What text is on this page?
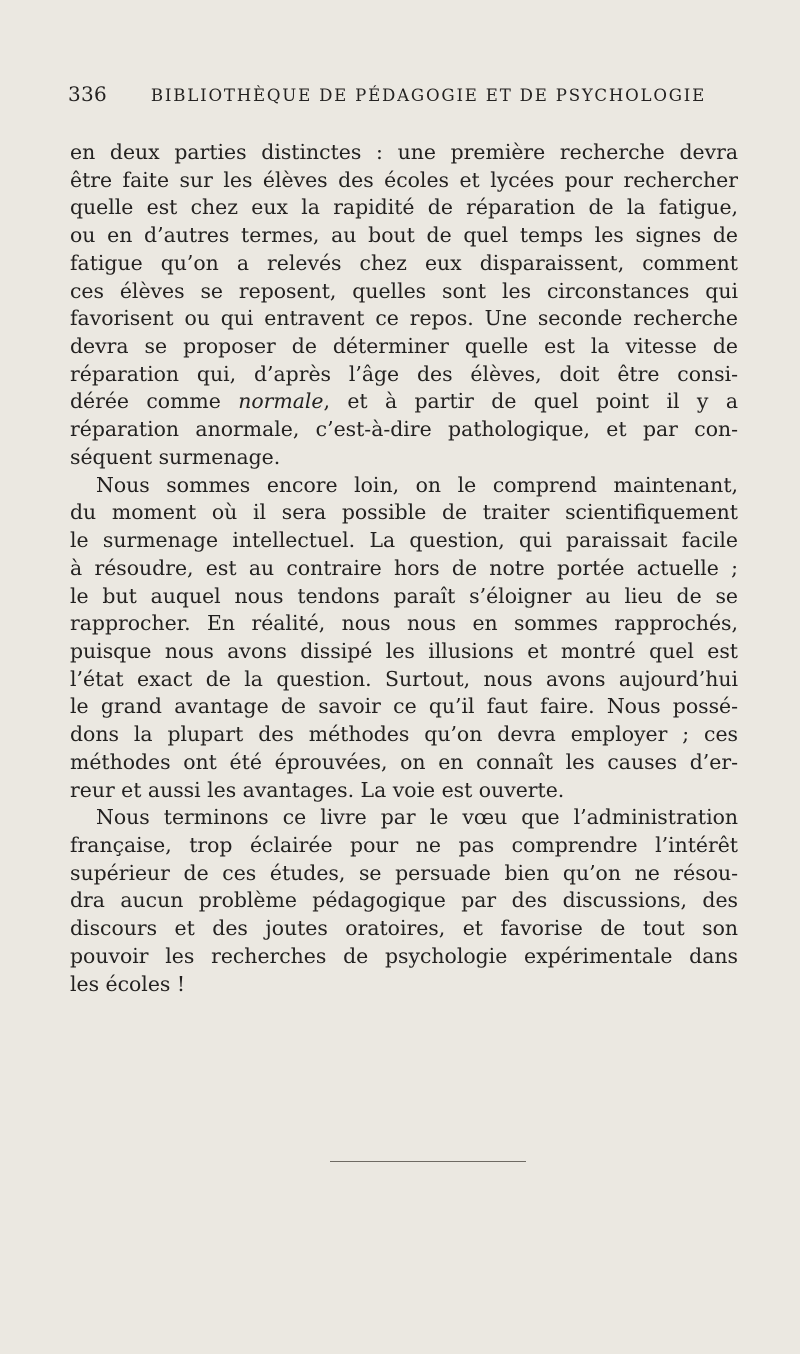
336	BIBLIOTHÈQUE DE PÉDAGOGIE ET DE PSYCHOLOGIE
en deux parties distinctes : une première recherche devra
être faite sur les élèves des écoles et lycées pour rechercher
quelle est chez eux la rapidité de réparation de la fatigue,
ou en d’autres termes, au bout de quel temps les signes de
fatigue qu’on a relevés chez eux disparaissent, comment
ces élèves se reposent, quelles sont les circonstances qui
favorisent ou qui entravent ce repos. Une seconde recherche
devra se proposer de déterminer quelle est la vitesse de
réparation qui, d’après l’âge des élèves, doit être consi-
dérée comme normale, et à partir de quel point il y a
réparation anormale, c’est-à-dire pathologique, et par con-
séquent surmenage.
Nous sommes encore loin, on le comprend maintenant,
du moment où il sera possible de traiter scientifiquement
le surmenage intellectuel. La question, qui paraissait facile
à résoudre, est au contraire hors de notre portée actuelle ;
le but auquel nous tendons paraît s’éloigner au lieu de se
rapprocher. En réalité, nous nous en sommes rapprochés,
puisque nous avons dissipé les illusions et montré quel est
l’état exact de la question. Surtout, nous avons aujourd’hui
le grand avantage de savoir ce qu’il faut faire. Nous possé-
dons la plupart des méthodes qu’on devra employer ; ces
méthodes ont été éprouvées, on en connaît les causes d’er-
reur et aussi les avantages. La voie est ouverte.
Nous terminons ce livre par le vœu que l’administration
française, trop éclairée pour ne pas comprendre l’intérêt
supérieur de ces études, se persuade bien qu’on ne résou-
dra aucun problème pédagogique par des discussions, des
discours et des joutes oratoires, et favorise de tout son
pouvoir les recherches de psychologie expérimentale dans
les écoles !
